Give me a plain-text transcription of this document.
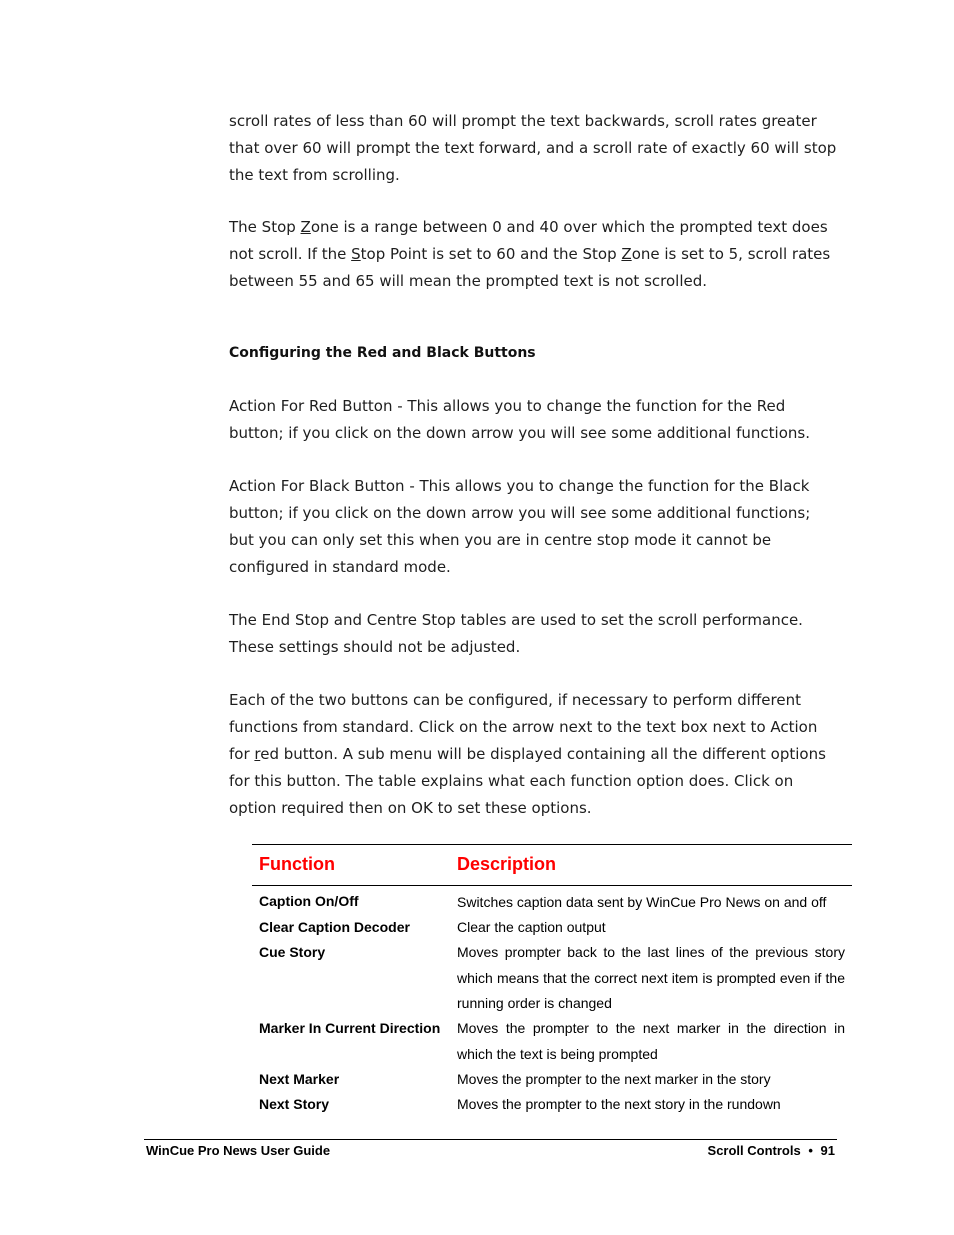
scroll rates of less than 60 will prompt the text backwards, scroll rates greater that over 60 will prompt the text forward, and a scroll rate of exactly 60 will stop the text from scrolling.

The Stop Zone is a range between 0 and 40 over which the prompted text does not scroll. If the Stop Point is set to 60 and the Stop Zone is set to 5, scroll rates between 55 and 65 will mean the prompted text is not scrolled.

Configuring the Red and Black Buttons

Action For Red Button - This allows you to change the function for the Red button; if you click on the down arrow you will see some additional functions.

Action For Black Button - This allows you to change the function for the Black button; if you click on the down arrow you will see some additional functions; but you can only set this when you are in centre stop mode it cannot be configured in standard mode.

The End Stop and Centre Stop tables are used to set the scroll performance. These settings should not be adjusted.

Each of the two buttons can be configured, if necessary to perform different functions from standard. Click on the arrow next to the text box next to Action for red button. A sub menu will be displayed containing all the different options for this button. The table explains what each function option does. Click on option required then on OK to set these options.

Function	Description
Caption On/Off	Switches caption data sent by WinCue Pro News on and off
Clear Caption Decoder	Clear the caption output
Cue Story	Moves prompter back to the last lines of the previous story which means that the correct next item is prompted even if the running order is changed
Marker In Current Direction	Moves the prompter to the next marker in the direction in which the text is being prompted
Next Marker	Moves the prompter to the next marker in the story
Next Story	Moves the prompter to the next story in the rundown
WinCue Pro News User Guide	Scroll Controls • 91
